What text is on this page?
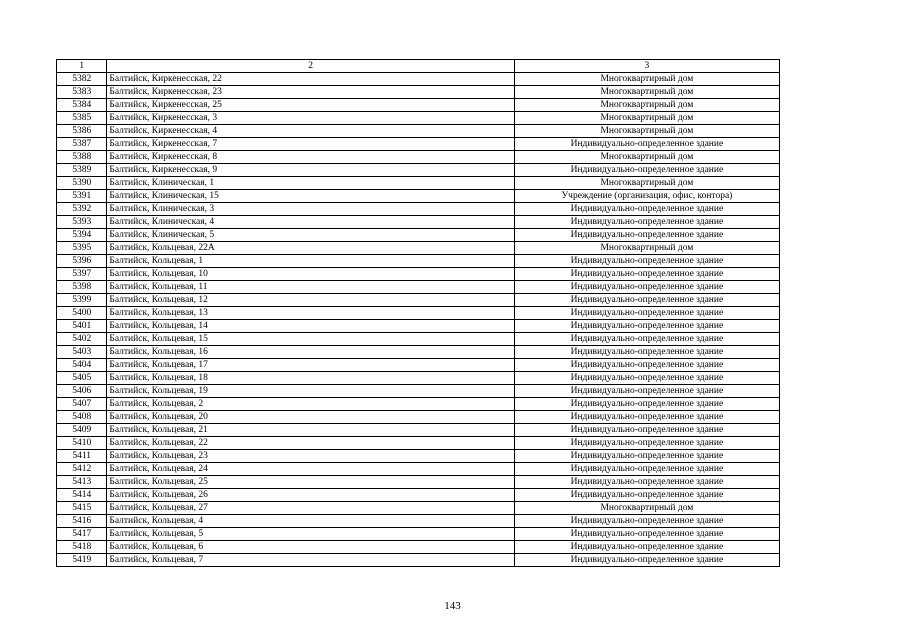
1	2	3
5382	Балтийск, Киркенесская, 22	Многоквартирный дом
5383	Балтийск, Киркенесская, 23	Многоквартирный дом
5384	Балтийск, Киркенесская, 25	Многоквартирный дом
5385	Балтийск, Киркенесская, 3	Многоквартирный дом
5386	Балтийск, Киркенесская, 4	Многоквартирный дом
5387	Балтийск, Киркенесская, 7	Индивидуально-определенное здание
5388	Балтийск, Киркенесская, 8	Многоквартирный дом
5389	Балтийск, Киркенесская, 9	Индивидуально-определенное здание
5390	Балтийск, Клиническая, 1	Многоквартирный дом
5391	Балтийск, Клиническая, 15	Учреждение (организация, офис, контора)
5392	Балтийск, Клиническая, 3	Индивидуально-определенное здание
5393	Балтийск, Клиническая, 4	Индивидуально-определенное здание
5394	Балтийск, Клиническая, 5	Индивидуально-определенное здание
5395	Балтийск, Кольцевая, 22А	Многоквартирный дом
5396	Балтийск, Кольцевая, 1	Индивидуально-определенное здание
5397	Балтийск, Кольцевая, 10	Индивидуально-определенное здание
5398	Балтийск, Кольцевая, 11	Индивидуально-определенное здание
5399	Балтийск, Кольцевая, 12	Индивидуально-определенное здание
5400	Балтийск, Кольцевая, 13	Индивидуально-определенное здание
5401	Балтийск, Кольцевая, 14	Индивидуально-определенное здание
5402	Балтийск, Кольцевая, 15	Индивидуально-определенное здание
5403	Балтийск, Кольцевая, 16	Индивидуально-определенное здание
5404	Балтийск, Кольцевая, 17	Индивидуально-определенное здание
5405	Балтийск, Кольцевая, 18	Индивидуально-определенное здание
5406	Балтийск, Кольцевая, 19	Индивидуально-определенное здание
5407	Балтийск, Кольцевая, 2	Индивидуально-определенное здание
5408	Балтийск, Кольцевая, 20	Индивидуально-определенное здание
5409	Балтийск, Кольцевая, 21	Индивидуально-определенное здание
5410	Балтийск, Кольцевая, 22	Индивидуально-определенное здание
5411	Балтийск, Кольцевая, 23	Индивидуально-определенное здание
5412	Балтийск, Кольцевая, 24	Индивидуально-определенное здание
5413	Балтийск, Кольцевая, 25	Индивидуально-определенное здание
5414	Балтийск, Кольцевая, 26	Индивидуально-определенное здание
5415	Балтийск, Кольцевая, 27	Многоквартирный дом
5416	Балтийск, Кольцевая, 4	Индивидуально-определенное здание
5417	Балтийск, Кольцевая, 5	Индивидуально-определенное здание
5418	Балтийск, Кольцевая, 6	Индивидуально-определенное здание
5419	Балтийск, Кольцевая, 7	Индивидуально-определенное здание
143
